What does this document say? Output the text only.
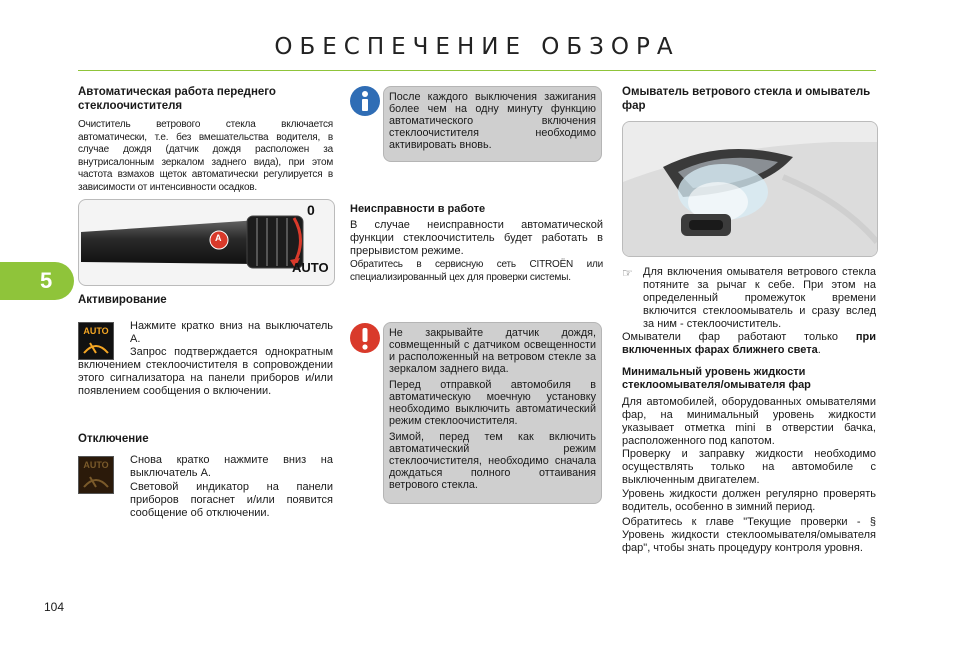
ОБЕСПЕЧЕНИЕ ОБЗОРА
5
Автоматическая работа переднего стеклоочистителя
Очиститель ветрового стекла включается автоматически, т.е. без вмешательства водителя, в случае дождя (датчик дождя расположен за внутрисалонным зеркалом заднего вида), при этом частота взмахов щеток автоматически регулируется в зависимости от интенсивности осадков.
A
0
AUTO
Активирование
AUTO	Нажмите кратко вниз на выключатель A.
Запрос подтверждается однократным включением стеклоочистителя в сопровождении этого сигнализатора на панели приборов и/или появлением сообщения о включении.
Отключение
AUTO	Снова кратко нажмите вниз на выключатель A.
Световой индикатор на панели приборов погаснет и/или появится сообщение об отключении.

После каждого выключения зажигания более чем на одну минуту функцию автоматического включения стеклоочистителя необходимо активировать вновь.

Неисправности в работе
В случае неисправности автоматической функции стеклоочиститель будет работать в прерывистом режиме.
Обратитесь в сервисную сеть CITROËN или специализированный цех для проверки системы.

Не закрывайте датчик дождя, совмещенный с датчиком освещенности и расположенный на ветровом стекле за зеркалом заднего вида.

Перед отправкой автомобиля в автоматическую моечную установку необходимо выключить автоматический режим стеклоочистителя.

Зимой, перед тем как включить автоматический режим стеклоочистителя, необходимо сначала дождаться полного оттаивания ветрового стекла.

Омыватель ветрового стекла и омыватель фар
☞ Для включения омывателя ветрового стекла потяните за рычаг к себе. При этом на определенный промежуток времени включится стеклоомыватель и сразу вслед за ним - стеклоочиститель.
Омыватели фар работают только при включенных фарах ближнего света.
Минимальный уровень жидкости стеклоомывателя/омывателя фар
Для автомобилей, оборудованных омывателями фар, на минимальный уровень жидкости указывает отметка mini в отверстии бачка, расположенного под капотом.
Проверку и заправку жидкости необходимо осуществлять только на автомобиле с выключенным двигателем.
Уровень жидкости должен регулярно проверять водитель, особенно в зимний период.
Обратитесь к главе "Текущие проверки - § Уровень жидкости стеклоомывателя/омывателя фар", чтобы знать процедуру контроля уровня.
104
